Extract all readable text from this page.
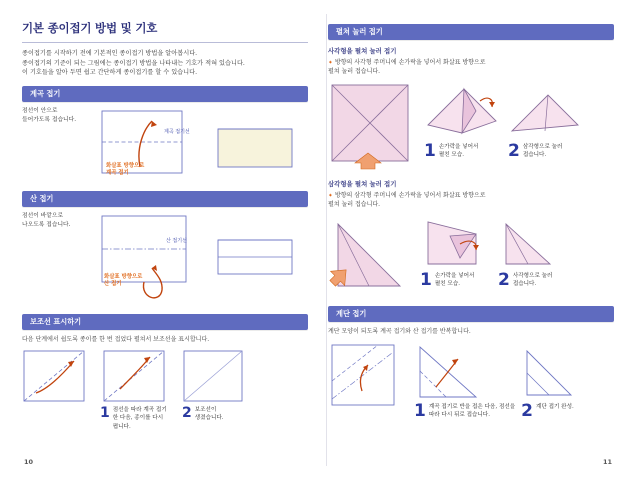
기본 종이접기 방법 및 기호
종이접기를 시작하기 전에 기본적인 종이접기 방법을 알아봅시다.
종이접기의 기준이 되는 그림에는 종이접기 방법을 나타내는 기호가 적혀 있습니다.
이 기호들을 알아 두면 쉽고 간단하게 종이접기를 할 수 있습니다.
계곡 접기
점선이 안으로
들어가도록 접습니다.
계곡 접기선
화살표 방향으로
계곡 접기
산 접기
점선이 바깥으로
나오도록 접습니다.
산 접기선
화살표 방향으로
산 접기
보조선 표시하기
다음 단계에서 쉽도록 종이를 한 번 접었다 펼쳐서 보조선을 표시합니다.
1 점선을 따라 계곡 접기
한 다음, 종이를 다시
폅니다.
2 보조선이
생겼습니다.
10
펼쳐 눌러 접기
사각형을 펼쳐 눌러 접기
➧ 방향의 사각형 주머니에 손가락을 넣어서 화살표 방향으로
펼쳐 눌러 접습니다.
1 손가락을 넣어서
펼친 모습.	2 삼각형으로 눌러
접습니다.
삼각형을 펼쳐 눌러 접기
➧ 방향의 삼각형 주머니에 손가락을 넣어서 화살표 방향으로
펼쳐 눌러 접습니다.
1 손가락을 넣어서
펼친 모습.	2 사각형으로 눌러
접습니다.
계단 접기
계단 모양이 되도록 계곡 접기와 산 접기를 반복합니다.
1 계곡 접기로 반을 접은 다음, 점선을
따라 다시 뒤로 접습니다.	2 계단 접기 완성.
11
